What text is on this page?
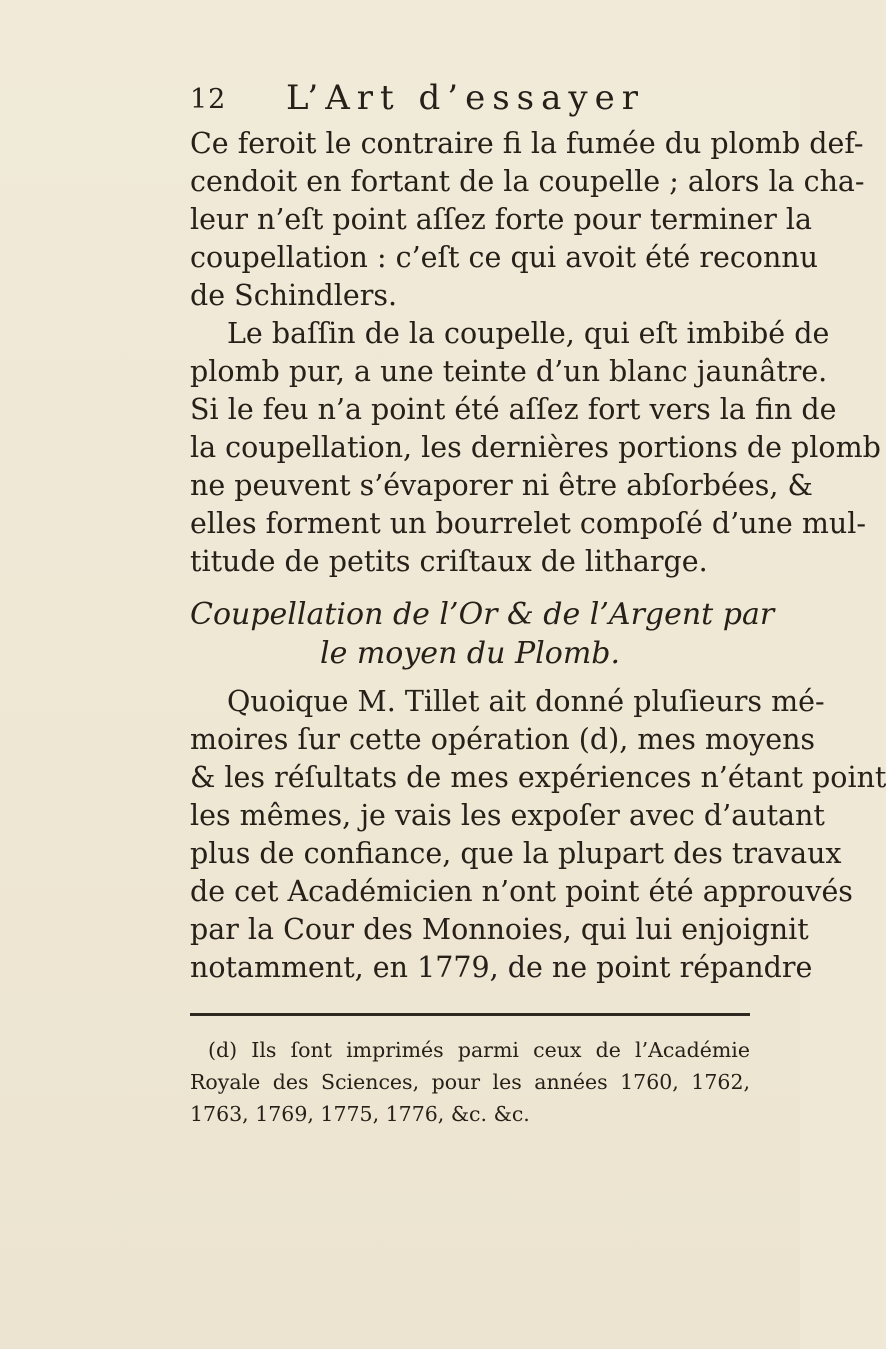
12 L’Art d’essayer
Ce feroit le contraire fi la fumée du plomb def-
cendoit en fortant de la coupelle ; alors la cha-
leur n’eſt point aſſez forte pour terminer la
coupellation : c’eſt ce qui avoit été reconnu
de Schindlers.
Le baſſin de la coupelle, qui eſt imbibé de
plomb pur, a une teinte d’un blanc jaunâtre.
Si le feu n’a point été aſſez fort vers la fin de
la coupellation, les dernières portions de plomb
ne peuvent s’évaporer ni être abſorbées, &
elles forment un bourrelet compoſé d’une mul-
titude de petits criſtaux de litharge.
Coupellation de l’Or & de l’Argent par
le moyen du Plomb.
Quoique M. Tillet ait donné pluſieurs mé-
moires ſur cette opération (d), mes moyens
& les réſultats de mes expériences n’étant point
les mêmes, je vais les expoſer avec d’autant
plus de confiance, que la plupart des travaux
de cet Académicien n’ont point été approuvés
par la Cour des Monnoies, qui lui enjoignit
notamment, en 1779, de ne point répandre
(d) Ils ſont imprimés parmi ceux de l’Académie
Royale des Sciences, pour les années 1760, 1762,
1763, 1769, 1775, 1776, &c. &c.
